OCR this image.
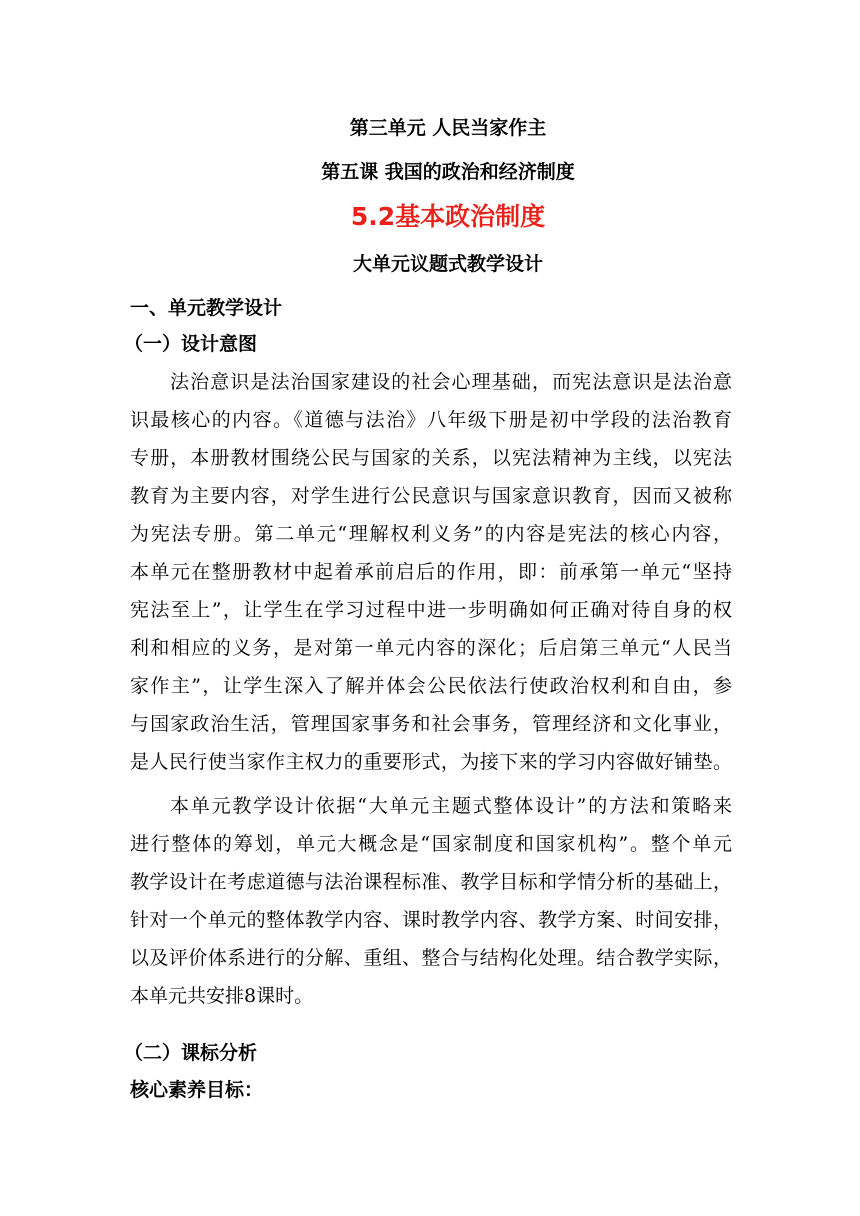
第三单元 人民当家作主
第五课 我国的政治和经济制度
5.2基本政治制度
大单元议题式教学设计
一、单元教学设计
（一）设计意图
法治意识是法治国家建设的社会心理基础，而宪法意识是法治意
识最核心的内容。《道德与法治》八年级下册是初中学段的法治教育
专册，本册教材围绕公民与国家的关系，以宪法精神为主线，以宪法
教育为主要内容，对学生进行公民意识与国家意识教育，因而又被称
为宪法专册。第二单元“理解权利义务”的内容是宪法的核心内容，
本单元在整册教材中起着承前启后的作用，即：前承第一单元“坚持
宪法至上”，让学生在学习过程中进一步明确如何正确对待自身的权
利和相应的义务，是对第一单元内容的深化；后启第三单元“人民当
家作主”，让学生深入了解并体会公民依法行使政治权利和自由，参
与国家政治生活，管理国家事务和社会事务，管理经济和文化事业，
是人民行使当家作主权力的重要形式，为接下来的学习内容做好铺垫。
本单元教学设计依据“大单元主题式整体设计”的方法和策略来
进行整体的筹划，单元大概念是“国家制度和国家机构”。整个单元
教学设计在考虑道德与法治课程标准、教学目标和学情分析的基础上，
针对一个单元的整体教学内容、课时教学内容、教学方案、时间安排，
以及评价体系进行的分解、重组、整合与结构化处理。结合教学实际，
本单元共安排8课时。
（二）课标分析
核心素养目标：
